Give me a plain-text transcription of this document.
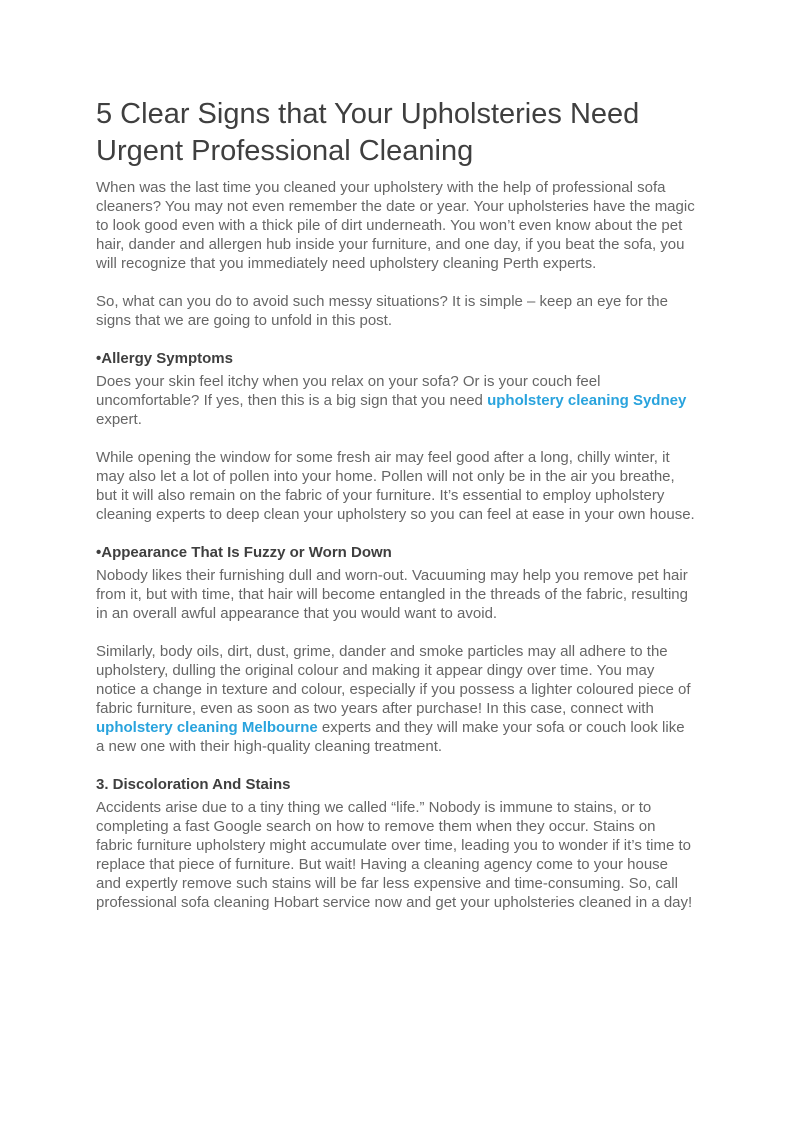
5 Clear Signs that Your Upholsteries Need Urgent Professional Cleaning

When was the last time you cleaned your upholstery with the help of professional sofa cleaners? You may not even remember the date or year. Your upholsteries have the magic to look good even with a thick pile of dirt underneath. You won’t even know about the pet hair, dander and allergen hub inside your furniture, and one day, if you beat the sofa, you will recognize that you immediately need upholstery cleaning Perth experts.

So, what can you do to avoid such messy situations? It is simple – keep an eye for the signs that we are going to unfold in this post.

•Allergy Symptoms

Does your skin feel itchy when you relax on your sofa? Or is your couch feel uncomfortable? If yes, then this is a big sign that you need upholstery cleaning Sydney expert.

While opening the window for some fresh air may feel good after a long, chilly winter, it may also let a lot of pollen into your home. Pollen will not only be in the air you breathe, but it will also remain on the fabric of your furniture. It’s essential to employ upholstery cleaning experts to deep clean your upholstery so you can feel at ease in your own house.

•Appearance That Is Fuzzy or Worn Down

Nobody likes their furnishing dull and worn-out. Vacuuming may help you remove pet hair from it, but with time, that hair will become entangled in the threads of the fabric, resulting in an overall awful appearance that you would want to avoid.

Similarly, body oils, dirt, dust, grime, dander and smoke particles may all adhere to the upholstery, dulling the original colour and making it appear dingy over time. You may notice a change in texture and colour, especially if you possess a lighter coloured piece of fabric furniture, even as soon as two years after purchase! In this case, connect with upholstery cleaning Melbourne experts and they will make your sofa or couch look like a new one with their high-quality cleaning treatment.

3. Discoloration And Stains

Accidents arise due to a tiny thing we called “life.” Nobody is immune to stains, or to completing a fast Google search on how to remove them when they occur. Stains on fabric furniture upholstery might accumulate over time, leading you to wonder if it’s time to replace that piece of furniture. But wait! Having a cleaning agency come to your house and expertly remove such stains will be far less expensive and time-consuming. So, call professional sofa cleaning Hobart service now and get your upholsteries cleaned in a day!
